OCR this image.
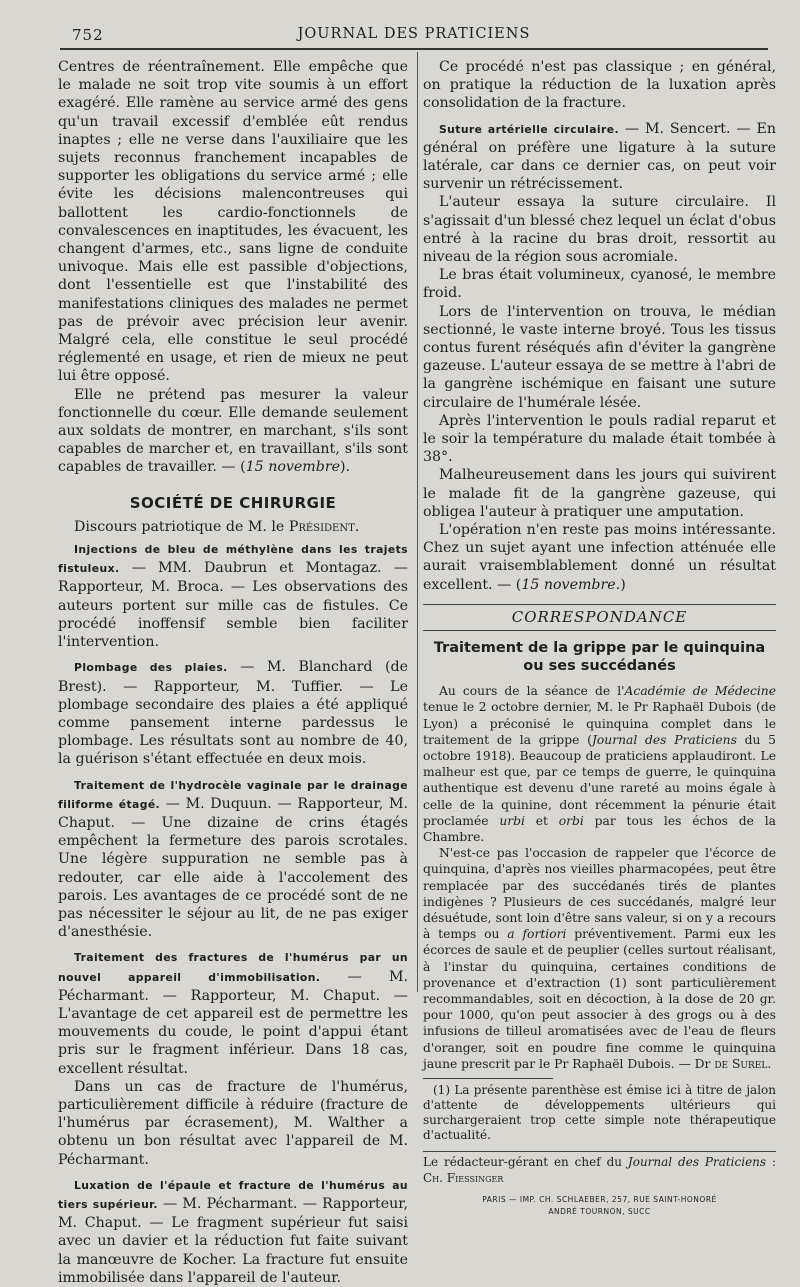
752	JOURNAL DES PRATICIENS

Centres de réentraînement. Elle empêche que le malade ne soit trop vite soumis à un effort exagéré. Elle ramène au service armé des gens qu'un travail excessif d'emblée eût rendus inaptes ; elle ne verse dans l'auxiliaire que les sujets reconnus franchement incapables de supporter les obligations du service armé ; elle évite les décisions malencontreuses qui ballottent les cardio-fonctionnels de convalescences en inaptitudes, les évacuent, les changent d'armes, etc., sans ligne de conduite univoque. Mais elle est passible d'objections, dont l'essentielle est que l'instabilité des manifestations cliniques des malades ne permet pas de prévoir avec précision leur avenir. Malgré cela, elle constitue le seul procédé réglementé en usage, et rien de mieux ne peut lui être opposé.

Elle ne prétend pas mesurer la valeur fonctionnelle du cœur. Elle demande seulement aux soldats de montrer, en marchant, s'ils sont capables de marcher et, en travaillant, s'ils sont capables de travailler. — (15 novembre).

SOCIÉTÉ DE CHIRURGIE

Discours patriotique de M. le Président.

Injections de bleu de méthylène dans les trajets fistuleux. — MM. Daubrun et Montagaz. — Rapporteur, M. Broca. — Les observations des auteurs portent sur mille cas de fistules. Ce procédé inoffensif semble bien faciliter l'intervention.

Plombage des plaies. — M. Blanchard (de Brest). — Rapporteur, M. Tuffier. — Le plombage secondaire des plaies a été appliqué comme pansement interne pardessus le plombage. Les résultats sont au nombre de 40, la guérison s'étant effectuée en deux mois.

Traitement de l'hydrocèle vaginale par le drainage filiforme étagé. — M. Duquun. — Rapporteur, M. Chaput. — Une dizaine de crins étagés empêchent la fermeture des parois scrotales. Une légère suppuration ne semble pas à redouter, car elle aide à l'accolement des parois. Les avantages de ce procédé sont de ne pas nécessiter le séjour au lit, de ne pas exiger d'anesthésie.

Traitement des fractures de l'humérus par un nouvel appareil d'immobilisation. — M. Pécharmant. — Rapporteur, M. Chaput. — L'avantage de cet appareil est de permettre les mouvements du coude, le point d'appui étant pris sur le fragment inférieur. Dans 18 cas, excellent résultat.

Dans un cas de fracture de l'humérus, particulièrement difficile à réduire (fracture de l'humérus par écrasement), M. Walther a obtenu un bon résultat avec l'appareil de M. Pécharmant.

Luxation de l'épaule et fracture de l'humérus au tiers supérieur. — M. Pécharmant. — Rapporteur, M. Chaput. — Le fragment supérieur fut saisi avec un davier et la réduction fut faite suivant la manœuvre de Kocher. La fracture fut ensuite immobilisée dans l'appareil de l'auteur.

Ce procédé n'est pas classique ; en général, on pratique la réduction de la luxation après consolidation de la fracture.

Suture artérielle circulaire. — M. Sencert. — En général on préfère une ligature à la suture latérale, car dans ce dernier cas, on peut voir survenir un rétrécissement.

L'auteur essaya la suture circulaire. Il s'agissait d'un blessé chez lequel un éclat d'obus entré à la racine du bras droit, ressortit au niveau de la région sous acromiale.

Le bras était volumineux, cyanosé, le membre froid.

Lors de l'intervention on trouva, le médian sectionné, le vaste interne broyé. Tous les tissus contus furent réséqués afin d'éviter la gangrène gazeuse. L'auteur essaya de se mettre à l'abri de la gangrène ischémique en faisant une suture circulaire de l'humérale lésée.

Après l'intervention le pouls radial reparut et le soir la température du malade était tombée à 38°.

Malheureusement dans les jours qui suivirent le malade fit de la gangrène gazeuse, qui obligea l'auteur à pratiquer une amputation.

L'opération n'en reste pas moins intéressante. Chez un sujet ayant une infection atténuée elle aurait vraisemblablement donné un résultat excellent. — (15 novembre.)

CORRESPONDANCE
Traitement de la grippe par le quinquina
ou ses succédanés

Au cours de la séance de l'Académie de Médecine tenue le 2 octobre dernier, M. le Pr Raphaël Dubois (de Lyon) a préconisé le quinquina complet dans le traitement de la grippe (Journal des Praticiens du 5 octobre 1918). Beaucoup de praticiens applaudiront. Le malheur est que, par ce temps de guerre, le quinquina authentique est devenu d'une rareté au moins égale à celle de la quinine, dont récemment la pénurie était proclamée urbi et orbi par tous les échos de la Chambre.

N'est-ce pas l'occasion de rappeler que l'écorce de quinquina, d'après nos vieilles pharmacopées, peut être remplacée par des succédanés tirés de plantes indigènes ? Plusieurs de ces succédanés, malgré leur désuétude, sont loin d'être sans valeur, si on y a recours à temps ou a fortiori préventivement. Parmi eux les écorces de saule et de peuplier (celles surtout réalisant, à l'instar du quinquina, certaines conditions de provenance et d'extraction (1) sont particulièrement recommandables, soit en décoction, à la dose de 20 gr. pour 1000, qu'on peut associer à des grogs ou à des infusions de tilleul aromatisées avec de l'eau de fleurs d'oranger, soit en poudre fine comme le quinquina jaune prescrit par le Pr Raphaël Dubois. — Dr de Surel.

(1) La présente parenthèse est émise ici à titre de jalon d'attente de développements ultérieurs qui surchargeraient trop cette simple note thérapeutique d'actualité.

Le rédacteur-gérant en chef du Journal des Praticiens : Ch. Fiessinger

PARIS — IMP. CH. SCHLAEBER, 257, RUE SAINT-HONORÉ
ANDRÉ TOURNON, SUCC
